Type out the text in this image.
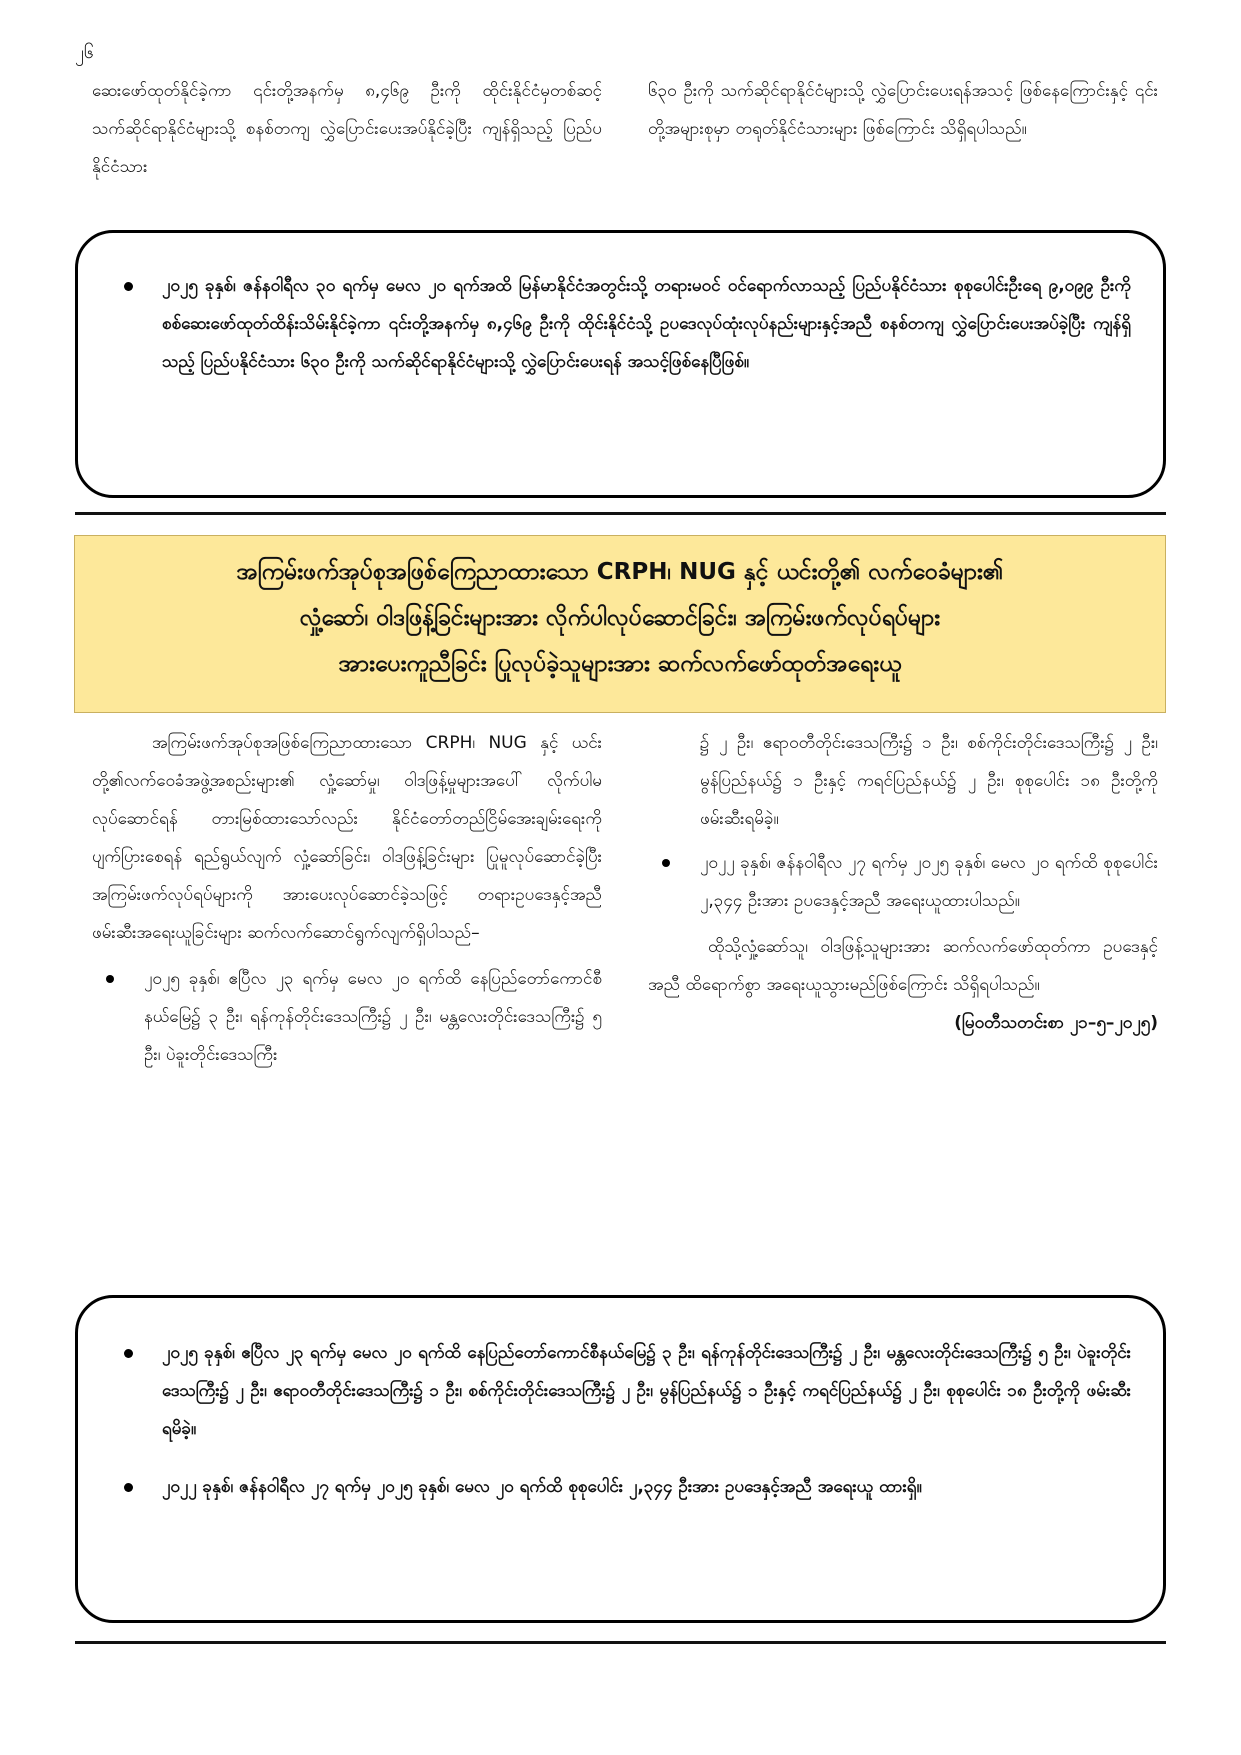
၂၆

ဆေးဖော်ထုတ်နိုင်ခဲ့ကာ ၎င်းတို့အနက်မှ ၈,၄၆၉ ဦးကို ထိုင်းနိုင်ငံမှတစ်ဆင့် သက်ဆိုင်ရာနိုင်ငံများသို့ စနစ်တကျ လွှဲပြောင်းပေးအပ်နိုင်ခဲ့ပြီး ကျန်ရှိသည့် ပြည်ပနိုင်ငံသား

၆၃၀ ဦးကို သက်ဆိုင်ရာနိုင်ငံများသို့ လွှဲပြောင်းပေးရန်အသင့် ဖြစ်နေကြောင်းနှင့် ၎င်းတို့အများစုမှာ တရုတ်နိုင်ငံသားများ ဖြစ်ကြောင်း သိရှိရပါသည်။

၂၀၂၅ ခုနှစ်၊ ဇန်နဝါရီလ ၃၀ ရက်မှ မေလ ၂၀ ရက်အထိ မြန်မာနိုင်ငံအတွင်းသို့ တရားမဝင် ဝင်ရောက်လာသည့် ပြည်ပနိုင်ငံသား စုစုပေါင်းဦးရေ ၉,၀၉၉ ဦးကို စစ်ဆေးဖော်ထုတ်ထိန်းသိမ်းနိုင်ခဲ့ကာ ၎င်းတို့အနက်မှ ၈,၄၆၉ ဦးကို ထိုင်းနိုင်ငံသို့ ဥပဒေလုပ်ထုံးလုပ်နည်းများနှင့်အညီ စနစ်တကျ လွှဲပြောင်းပေးအပ်ခဲ့ပြီး ကျန်ရှိသည့် ပြည်ပနိုင်ငံသား ၆၃၀ ဦးကို သက်ဆိုင်ရာနိုင်ငံများသို့ လွှဲပြောင်းပေးရန် အသင့်ဖြစ်နေပြီဖြစ်။
အကြမ်းဖက်အုပ်စုအဖြစ်ကြေညာထားသော CRPH၊ NUG နှင့် ယင်းတို့၏ လက်ဝေခံများ၏
လှုံ့ဆော်၊ ဝါဒဖြန့်ခြင်းများအား လိုက်ပါလုပ်ဆောင်ခြင်း၊ အကြမ်းဖက်လုပ်ရပ်များ
အားပေးကူညီခြင်း ပြုလုပ်ခဲ့သူများအား ဆက်လက်ဖော်ထုတ်အရေးယူ

အကြမ်းဖက်အုပ်စုအဖြစ်ကြေညာထားသော CRPH၊ NUG နှင့် ယင်းတို့၏လက်ဝေခံအဖွဲ့အစည်းများ၏ လှုံ့ဆော်မှု၊ ဝါဒဖြန့်မှုများအပေါ် လိုက်ပါမလုပ်ဆောင်ရန် တားမြစ်ထားသော်လည်း နိုင်ငံတော်တည်ငြိမ်အေးချမ်းရေးကို ပျက်ပြားစေရန် ရည်ရွယ်လျက် လှုံ့ဆော်ခြင်း၊ ဝါဒဖြန့်ခြင်းများ ပြုမူလုပ်ဆောင်ခဲ့ပြီး အကြမ်းဖက်လုပ်ရပ်များကို အားပေးလုပ်ဆောင်ခဲ့သဖြင့် တရားဥပဒေနှင့်အညီ ဖမ်းဆီးအရေးယူခြင်းများ ဆက်လက်ဆောင်ရွက်လျက်ရှိပါသည်–

၂၀၂၅ ခုနှစ်၊ ဧပြီလ ၂၃ ရက်မှ မေလ ၂၀ ရက်ထိ နေပြည်တော်ကောင်စီနယ်မြေ၌ ၃ ဦး၊ ရန်ကုန်တိုင်းဒေသကြီး၌ ၂ ဦး၊ မန္တလေးတိုင်းဒေသကြီး၌ ၅ ဦး၊ ပဲခူးတိုင်းဒေသကြီး

၌ ၂ ဦး၊ ဧရာဝတီတိုင်းဒေသကြီး၌ ၁ ဦး၊ စစ်ကိုင်းတိုင်းဒေသကြီး၌ ၂ ဦး၊ မွန်ပြည်နယ်၌ ၁ ဦးနှင့် ကရင်ပြည်နယ်၌ ၂ ဦး၊ စုစုပေါင်း ၁၈ ဦးတို့ကို ဖမ်းဆီးရမိခဲ့။

၂၀၂၂ ခုနှစ်၊ ဇန်နဝါရီလ ၂၇ ရက်မှ ၂၀၂၅ ခုနှစ်၊ မေလ ၂၀ ရက်ထိ စုစုပေါင်း ၂,၃၄၄ ဦးအား ဥပဒေနှင့်အညီ အရေးယူထားပါသည်။

ထိုသို့လှုံ့ဆော်သူ၊ ဝါဒဖြန့်သူများအား ဆက်လက်ဖော်ထုတ်ကာ ဥပဒေနှင့်အညီ ထိရောက်စွာ အရေးယူသွားမည်ဖြစ်ကြောင်း သိရှိရပါသည်။

(မြဝတီသတင်းစာ ၂၁–၅–၂၀၂၅)

၂၀၂၅ ခုနှစ်၊ ဧပြီလ ၂၃ ရက်မှ မေလ ၂၀ ရက်ထိ နေပြည်တော်ကောင်စီနယ်မြေ၌ ၃ ဦး၊ ရန်ကုန်တိုင်းဒေသကြီး၌ ၂ ဦး၊ မန္တလေးတိုင်းဒေသကြီး၌ ၅ ဦး၊ ပဲခူးတိုင်းဒေသကြီး၌ ၂ ဦး၊ ဧရာဝတီတိုင်းဒေသကြီး၌ ၁ ဦး၊ စစ်ကိုင်းတိုင်းဒေသကြီး၌ ၂ ဦး၊ မွန်ပြည်နယ်၌ ၁ ဦးနှင့် ကရင်ပြည်နယ်၌ ၂ ဦး၊ စုစုပေါင်း ၁၈ ဦးတို့ကို ဖမ်းဆီးရမိခဲ့။
၂၀၂၂ ခုနှစ်၊ ဇန်နဝါရီလ ၂၇ ရက်မှ ၂၀၂၅ ခုနှစ်၊ မေလ ၂၀ ရက်ထိ စုစုပေါင်း ၂,၃၄၄ ဦးအား ဥပဒေနှင့်အညီ အရေးယူ ထားရှိ။
